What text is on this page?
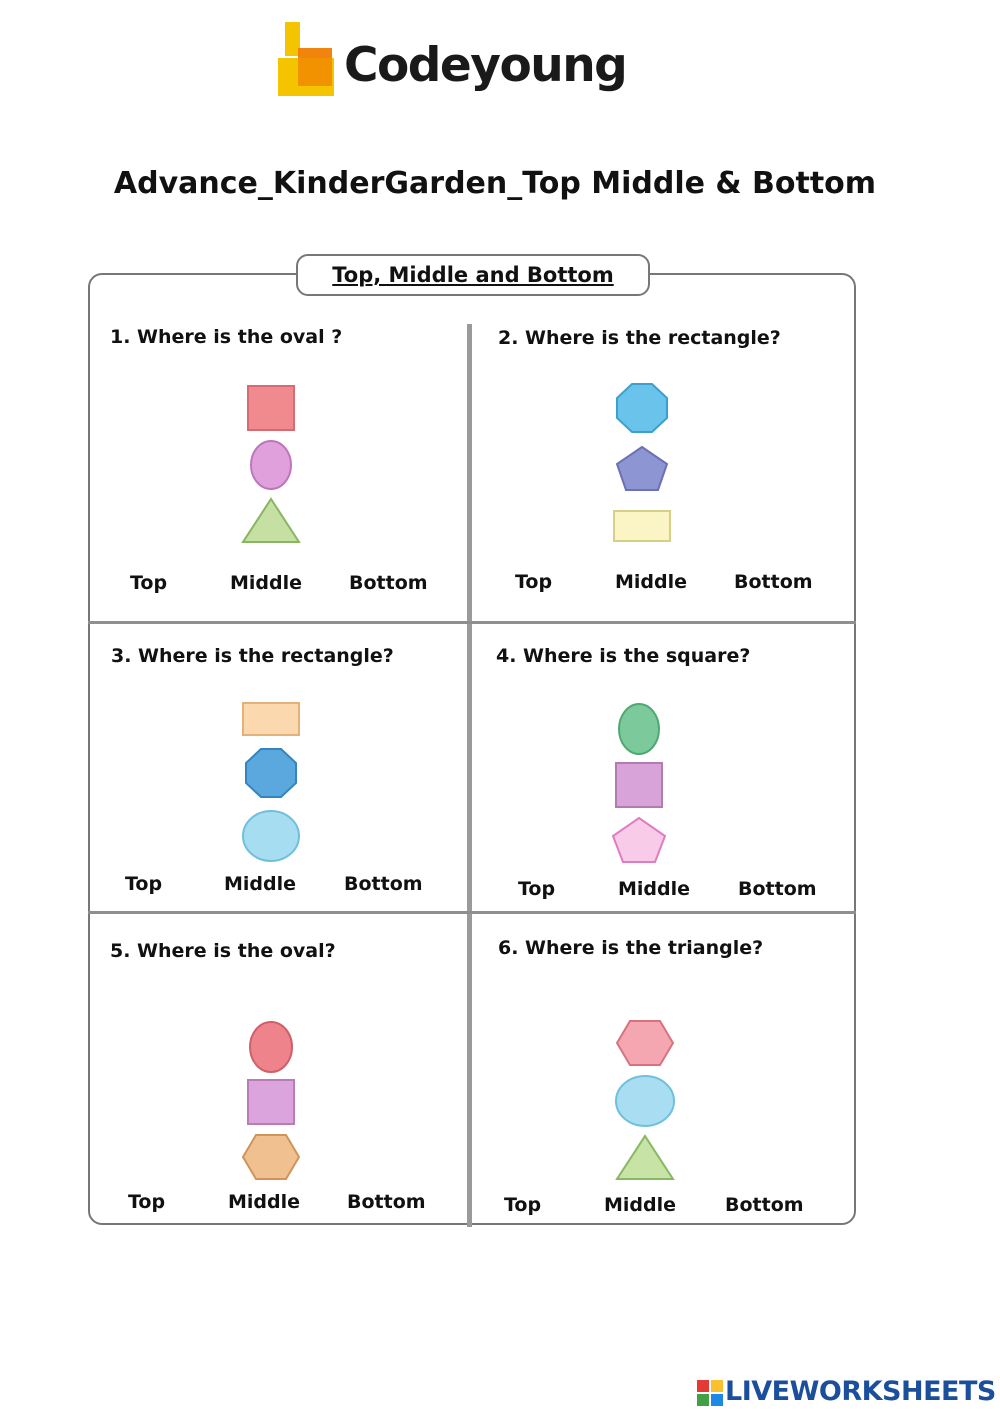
Codeyoung
Advance_KinderGarden_Top Middle & Bottom
Top, Middle and Bottom
1. Where is the oval ?
Top	Middle Bottom
2. Where is the rectangle?
Top	Middle Bottom
3. Where is the rectangle?
Top	Middle	Bottom
4. Where is the square?
Top	Middle	Bottom
5. Where is the oval?
Top	Middle Bottom
6. Where is the triangle?
Top	Middle	Bottom
LIVEWORKSHEETS
